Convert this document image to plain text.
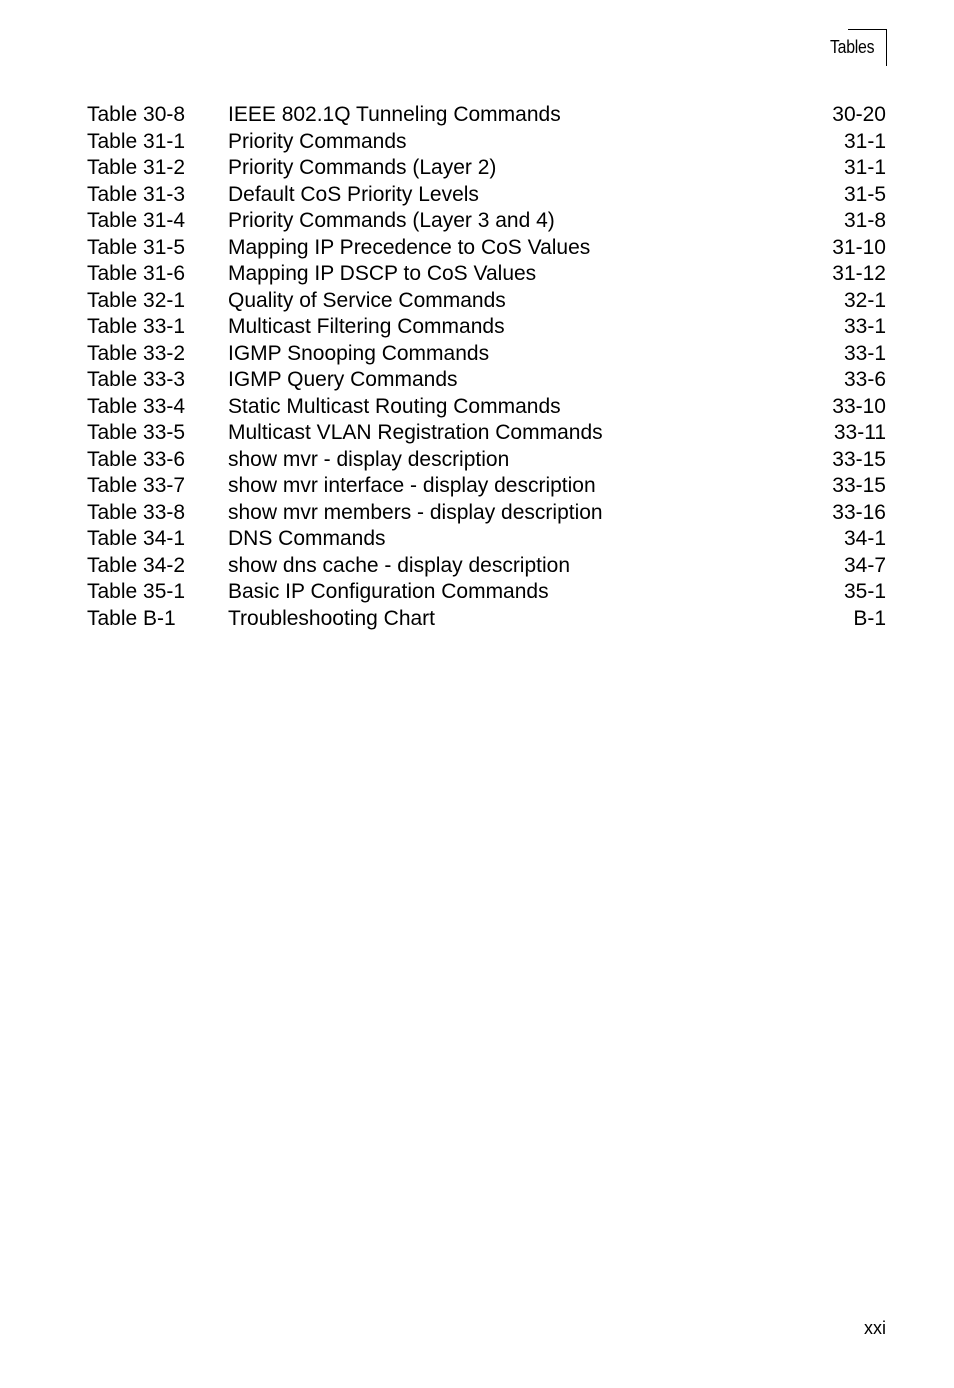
Tables
Table 30-8 IEEE 802.1Q Tunneling Commands	30-20
Table 31-1 Priority Commands	31-1
Table 31-2 Priority Commands (Layer 2)	31-1
Table 31-3 Default CoS Priority Levels	31-5
Table 31-4 Priority Commands (Layer 3 and 4)	31-8
Table 31-5 Mapping IP Precedence to CoS Values	31-10
Table 31-6 Mapping IP DSCP to CoS Values	31-12
Table 32-1 Quality of Service Commands	32-1
Table 33-1 Multicast Filtering Commands	33-1
Table 33-2 IGMP Snooping Commands	33-1
Table 33-3 IGMP Query Commands	33-6
Table 33-4 Static Multicast Routing Commands	33-10
Table 33-5 Multicast VLAN Registration Commands	33-11
Table 33-6 show mvr - display description	33-15
Table 33-7 show mvr interface - display description	33-15
Table 33-8 show mvr members - display description	33-16
Table 34-1 DNS Commands	34-1
Table 34-2 show dns cache - display description	34-7
Table 35-1 Basic IP Configuration Commands	35-1
Table B-1 Troubleshooting Chart	B-1
xxi
